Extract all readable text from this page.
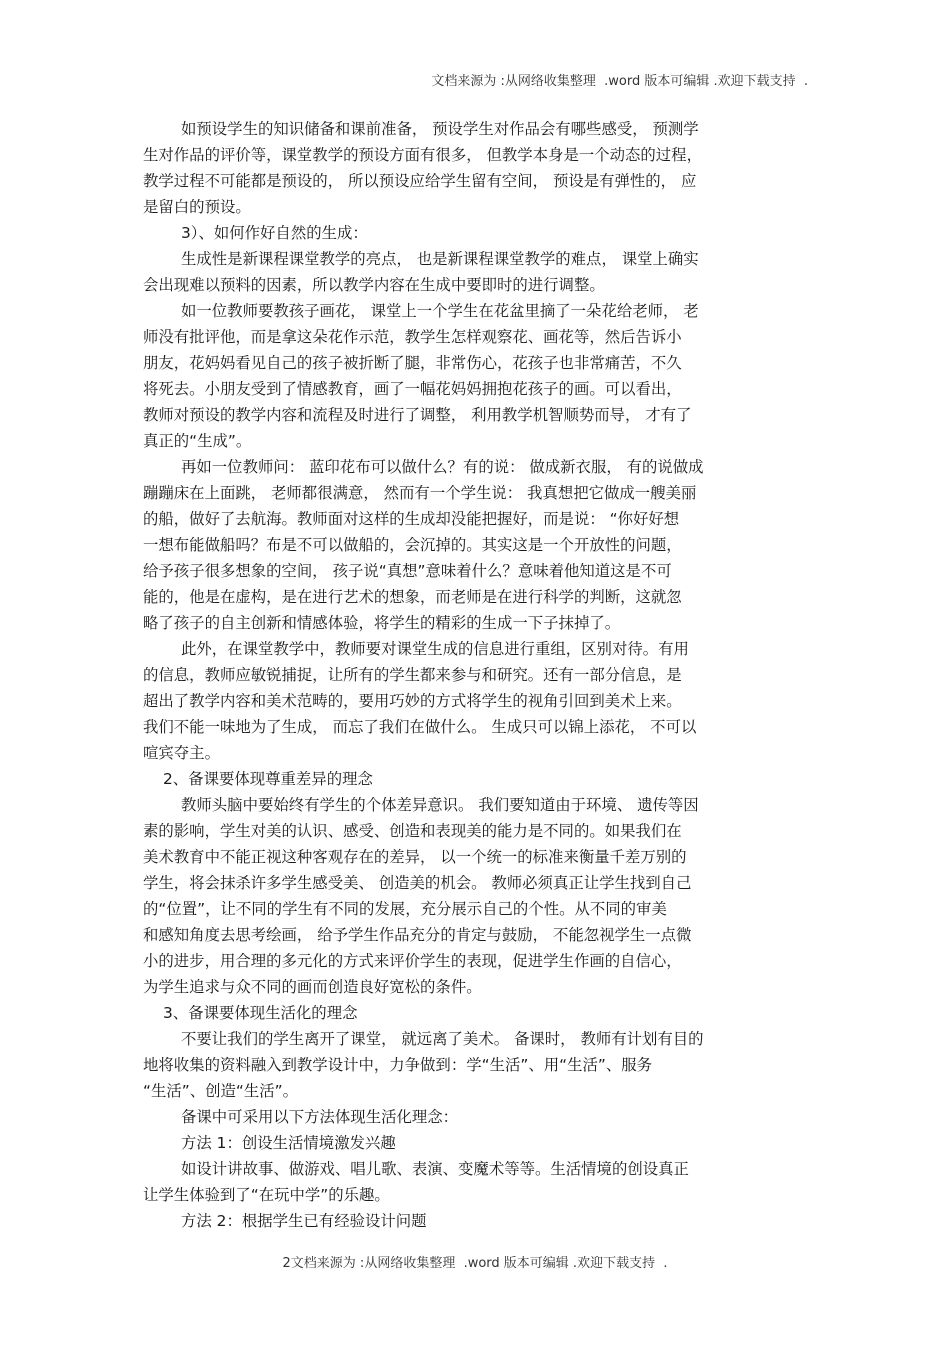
文档来源为 :从网络收集整理  .word 版本可编辑 .欢迎下载支持  .
如预设学生的知识储备和课前准备， 预设学生对作品会有哪些感受， 预测学
生对作品的评价等，课堂教学的预设方面有很多， 但教学本身是一个动态的过程，
教学过程不可能都是预设的， 所以预设应给学生留有空间， 预设是有弹性的， 应
是留白的预设。
3）、如何作好自然的生成：
生成性是新课程课堂教学的亮点， 也是新课程课堂教学的难点， 课堂上确实
会出现难以预料的因素，所以教学内容在生成中要即时的进行调整。
如一位教师要教孩子画花， 课堂上一个学生在花盆里摘了一朵花给老师， 老
师没有批评他，而是拿这朵花作示范，教学生怎样观察花、画花等，然后告诉小
朋友，花妈妈看见自己的孩子被折断了腿，非常伤心，花孩子也非常痛苦，不久
将死去。小朋友受到了情感教育，画了一幅花妈妈拥抱花孩子的画。可以看出，
教师对预设的教学内容和流程及时进行了调整， 利用教学机智顺势而导， 才有了
真正的“生成”。
再如一位教师问： 蓝印花布可以做什么？有的说： 做成新衣服， 有的说做成
蹦蹦床在上面跳， 老师都很满意， 然而有一个学生说： 我真想把它做成一艘美丽
的船，做好了去航海。教师面对这样的生成却没能把握好，而是说： “你好好想
一想布能做船吗？布是不可以做船的，会沉掉的。其实这是一个开放性的问题，
给予孩子很多想象的空间， 孩子说“真想”意味着什么？意味着他知道这是不可
能的，他是在虚构，是在进行艺术的想象，而老师是在进行科学的判断，这就忽
略了孩子的自主创新和情感体验，将学生的精彩的生成一下子抹掉了。
此外，在课堂教学中，教师要对课堂生成的信息进行重组，区别对待。有用
的信息，教师应敏锐捕捉，让所有的学生都来参与和研究。还有一部分信息，是
超出了教学内容和美术范畴的，要用巧妙的方式将学生的视角引回到美术上来。
我们不能一味地为了生成， 而忘了我们在做什么。 生成只可以锦上添花， 不可以
喧宾夺主。
2、备课要体现尊重差异的理念
教师头脑中要始终有学生的个体差异意识。 我们要知道由于环境、 遗传等因
素的影响，学生对美的认识、感受、创造和表现美的能力是不同的。如果我们在
美术教育中不能正视这种客观存在的差异， 以一个统一的标准来衡量千差万别的
学生，将会抹杀许多学生感受美、 创造美的机会。 教师必须真正让学生找到自己
的“位置”，让不同的学生有不同的发展，充分展示自己的个性。从不同的审美
和感知角度去思考绘画， 给予学生作品充分的肯定与鼓励， 不能忽视学生一点微
小的进步，用合理的多元化的方式来评价学生的表现，促进学生作画的自信心，
为学生追求与众不同的画而创造良好宽松的条件。
3、备课要体现生活化的理念
不要让我们的学生离开了课堂， 就远离了美术。 备课时， 教师有计划有目的
地将收集的资料融入到教学设计中，力争做到：学“生活”、用“生活”、服务
“生活”、创造“生活”。
备课中可采用以下方法体现生活化理念：
方法 1：创设生活情境激发兴趣
如设计讲故事、做游戏、唱儿歌、表演、变魔术等等。生活情境的创设真正
让学生体验到了“在玩中学”的乐趣。
方法 2：根据学生已有经验设计问题
2文档来源为 :从网络收集整理  .word 版本可编辑 .欢迎下载支持  .
